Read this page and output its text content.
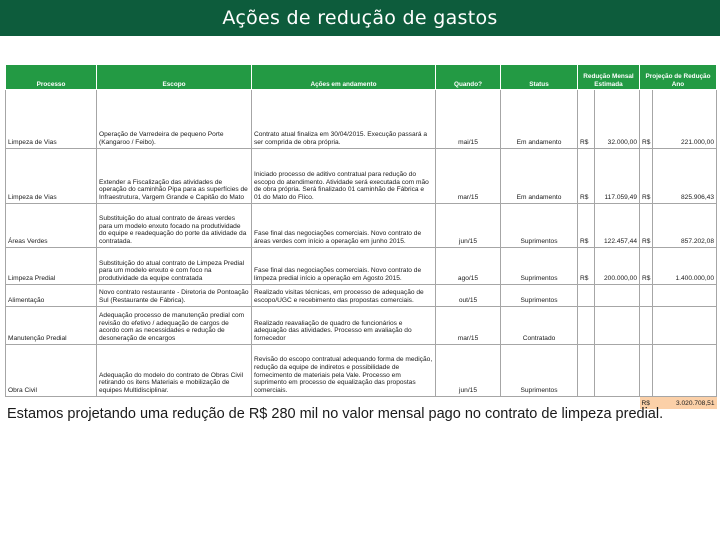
Ações de redução de gastos
Processo	Escopo	Ações em andamento	Quando?	Status	Redução Mensal Estimada		Projeção de Redução Ano	
Limpeza de Vias	Operação de Varredeira de pequeno Porte (Kangaroo / Feibo).	Contrato atual finaliza em 30/04/2015. Execução passará a ser comprida de obra própria.	mai/15	Em andamento	R$	32.000,00	R$	221.000,00
Limpeza de Vias	Extender a Fiscalização das atividades de operação do caminhão Pipa para as superfícies de Infraestrutura, Vargem Grande e Capitão do Mato	Iniciado processo de aditivo contratual para redução do escopo do atendimento. Atividade será executada com mão de obra própria. Será finalizado 01 caminhão de Fábrica e 01 do Mato do Flico.	mar/15	Em andamento	R$	117.059,49	R$	825.906,43
Áreas Verdes	Substituição do atual contrato de áreas verdes para um modelo enxuto focado na produtividade do equipe e readequação do porte da atividade da contratada.	Fase final das negociações comerciais. Novo contrato de áreas verdes com início a operação em junho 2015.	jun/15	Suprimentos	R$	122.457,44	R$	857.202,08
Limpeza Predial	Substituição do atual contrato de Limpeza Predial para um modelo enxuto e com foco na produtividade da equipe contratada	Fase final das negociações comerciais. Novo contrato de limpeza predial início a operação em Agosto 2015.	ago/15	Suprimentos	R$	200.000,00	R$	1.400.000,00
Alimentação	Novo contrato restaurante - Diretoria de Pontoação Sul (Restaurante de Fábrica).	Realizado visitas técnicas, em processo de adequação de escopo/UGC e recebimento das propostas comerciais.	out/15	Suprimentos				
Manutenção Predial	Adequação processo de manutenção predial com revisão do efetivo / adequação de cargos de acordo com as necessidades e redução de desoneração de encargos	Realizado reavaliação de quadro de funcionários e adequação das atividades. Processo em avaliação do fornecedor	mar/15	Contratado				
Obra Civil	Adequação do modelo do contrato de Obras Civil retirando os itens Materiais e mobilização de equipes Multidisciplinar.	Revisão do escopo contratual adequando forma de medição, redução da equipe de indiretos e possibilidade de fornecimento de materiais pela Vale. Processo em suprimento em processo de equalização das propostas comerciais.	jun/15	Suprimentos				
							R$	3.020.708,51
Estamos projetando uma redução de R$ 280 mil no valor mensal pago no contrato de limpeza predial.
